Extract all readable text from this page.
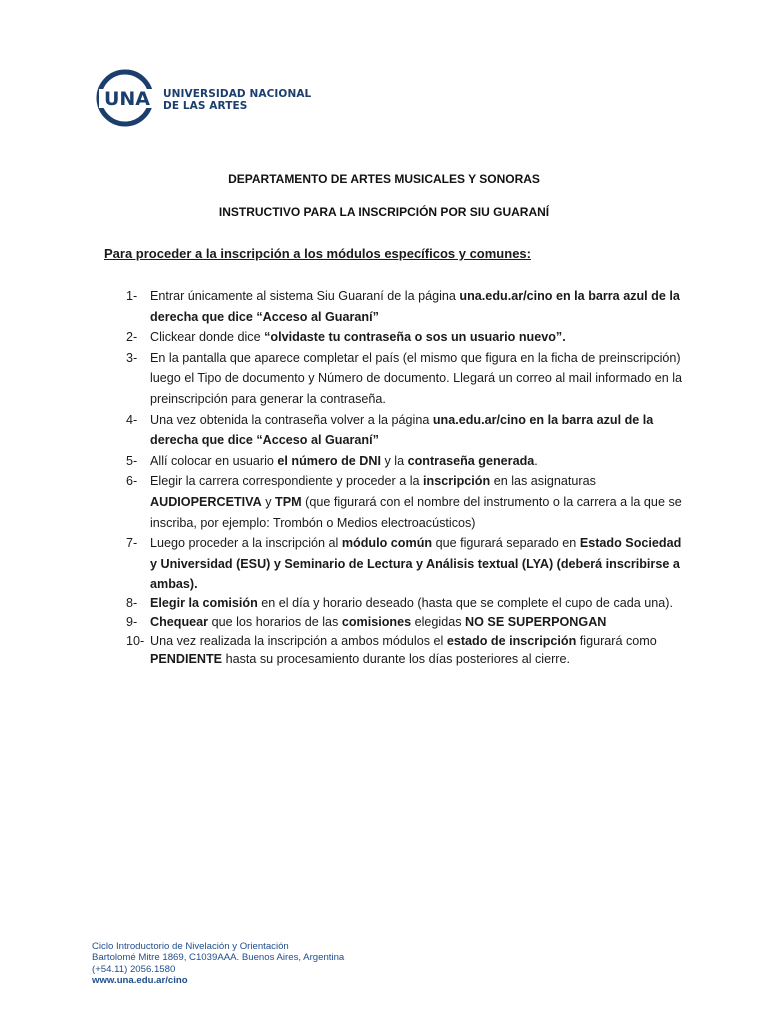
UNA UNIVERSIDAD NACIONAL
DE LAS ARTES
DEPARTAMENTO DE ARTES MUSICALES Y SONORAS
INSTRUCTIVO PARA LA INSCRIPCIÓN POR SIU GUARANÍ
Para proceder a la inscripción a los módulos específicos y comunes:
1- Entrar únicamente al sistema Siu Guaraní de la página una.edu.ar/cino en la barra azul de la derecha que dice “Acceso al Guaraní”
2- Clickear donde dice “olvidaste tu contraseña o sos un usuario nuevo”.
3- En la pantalla que aparece completar el país (el mismo que figura en la ficha de preinscripción) luego el Tipo de documento y Número de documento. Llegará un correo al mail informado en la preinscripción para generar la contraseña.
4- Una vez obtenida la contraseña volver a la página una.edu.ar/cino en la barra azul de la derecha que dice “Acceso al Guaraní”
5- Allí colocar en usuario el número de DNI y la contraseña generada.
6- Elegir la carrera correspondiente y proceder a la inscripción en las asignaturas AUDIOPERCETIVA y TPM (que figurará con el nombre del instrumento o la carrera a la que se inscriba, por ejemplo: Trombón o Medios electroacústicos)
7- Luego proceder a la inscripción al módulo común que figurará separado en Estado Sociedad y Universidad (ESU) y Seminario de Lectura y Análisis textual (LYA) (deberá inscribirse a ambas).
8- Elegir la comisión en el día y horario deseado (hasta que se complete el cupo de cada una).
9- Chequear que los horarios de las comisiones elegidas NO SE SUPERPONGAN
10- Una vez realizada la inscripción a ambos módulos el estado de inscripción figurará como PENDIENTE hasta su procesamiento durante los días posteriores al cierre.
Ciclo Introductorio de Nivelación y Orientación
Bartolomé Mitre 1869, C1039AAA. Buenos Aires, Argentina
(+54.11) 2056.1580
www.una.edu.ar/cino
